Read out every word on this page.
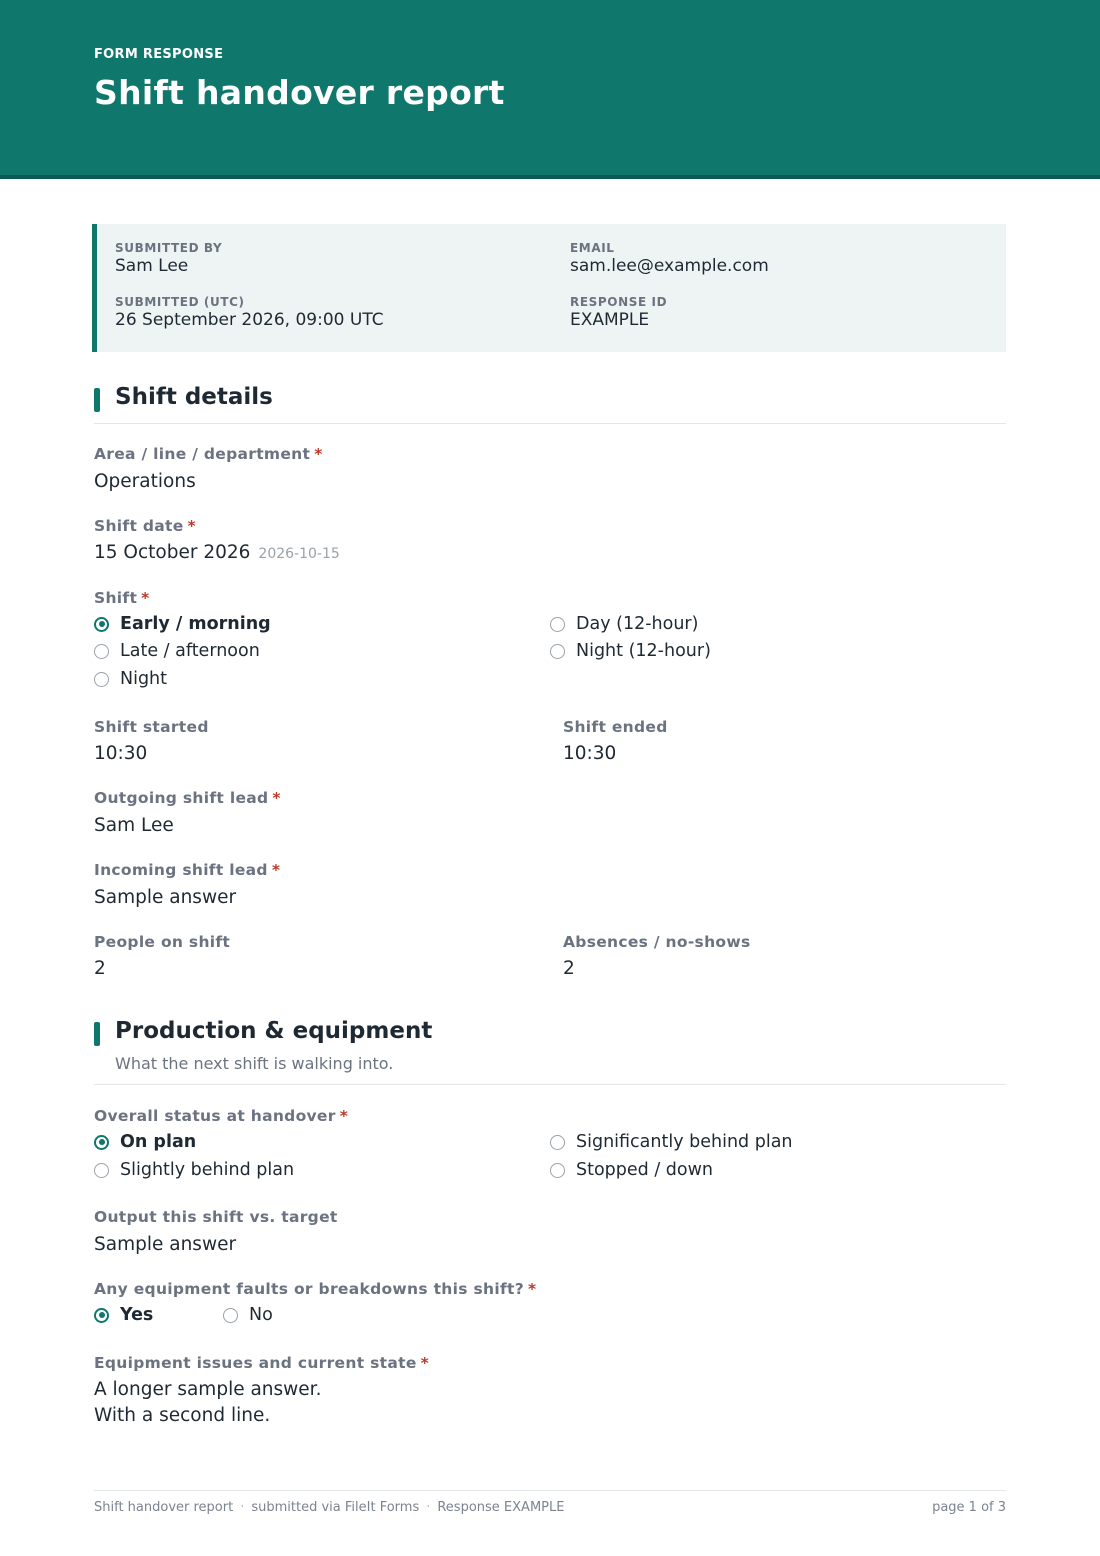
FORM RESPONSE
Shift handover report
SUBMITTED BY
Sam Lee
EMAIL
sam.lee@example.com
SUBMITTED (UTC)
26 September 2026, 09:00 UTC
RESPONSE ID
EXAMPLE
Shift details
Area / line / department *
Operations
Shift date *
15 October 2026 2026-10-15
Shift *
Early / morning
Late / afternoon
Night
Day (12-hour)
Night (12-hour)
Shift started
10:30
Shift ended
10:30
Outgoing shift lead *
Sam Lee
Incoming shift lead *
Sample answer
People on shift
2
Absences / no-shows
2
Production & equipment
What the next shift is walking into.
Overall status at handover *
On plan
Slightly behind plan
Significantly behind plan
Stopped / down
Output this shift vs. target
Sample answer
Any equipment faults or breakdowns this shift? *
Yes	No
Equipment issues and current state *
A longer sample answer.
With a second line.
Shift handover report · submitted via FileIt Forms · Response EXAMPLE	page 1 of 3
